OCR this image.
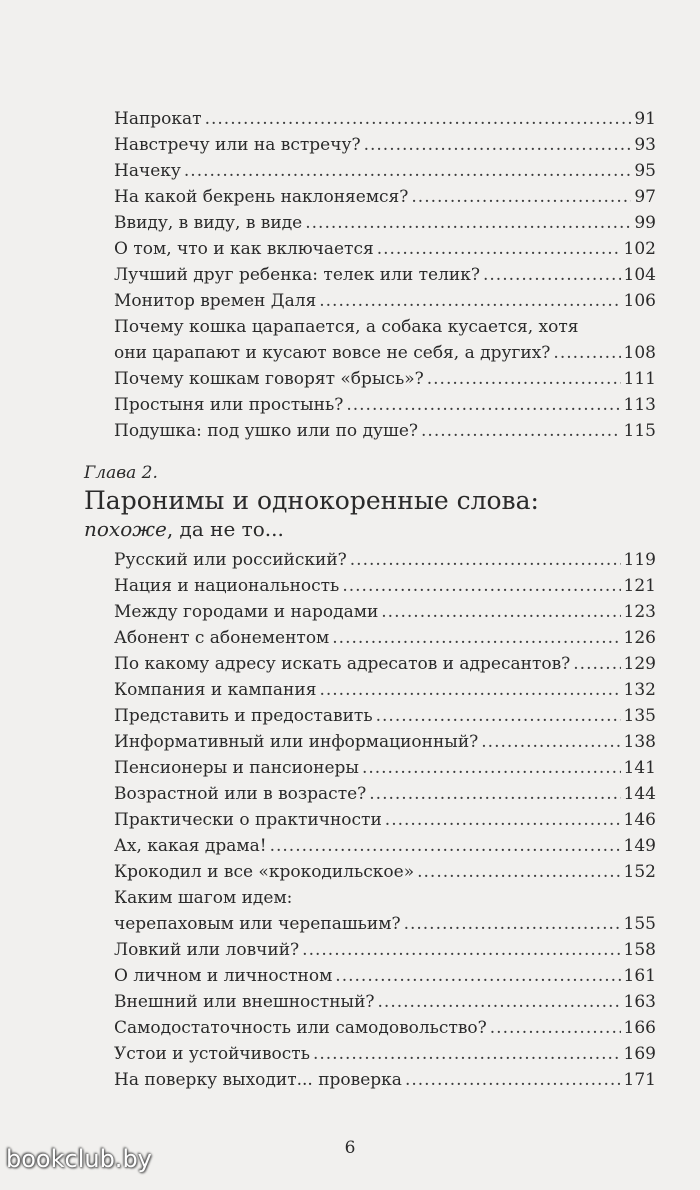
Напрокат .....	91
Навстречу или на встречу? .....	93
Начеку .....	95
На какой бекрень наклоняемся? .....	97
Ввиду, в виду, в виде .....	99
О том, что и как включается .....	102
Лучший друг ребенка: телек или телик? .....	104
Монитор времен Даля .....	106
Почему кошка царапается, а собака кусается, хотя
они царапают и кусают вовсе не себя, а других? .....	108
Почему кошкам говорят «брысь»? .....	111
Простыня или простынь? .....	113
Подушка: под ушко или по душе? .....	115
Глава 2.
Паронимы и однокоренные слова:
похоже, да не то...
Русский или российский? .....	119
Нация и национальность .....	121
Между городами и народами .....	123
Абонент с абонементом .....	126
По какому адресу искать адресатов и адресантов? .....	129
Компания и кампания .....	132
Представить и предоставить .....	135
Информативный или информационный? .....	138
Пенсионеры и пансионеры .....	141
Возрастной или в возрасте? .....	144
Практически о практичности .....	146
Ах, какая драма! .....	149
Крокодил и все «крокодильское» .....	152
Каким шагом идем:
черепаховым или черепашьим? .....	155
Ловкий или ловчий? .....	158
О личном и личностном .....	161
Внешний или внешностный? .....	163
Самодостаточность или самодовольство? .....	166
Устои и устойчивость .....	169
На поверку выходит... проверка .....	171
6
bookclub.by
